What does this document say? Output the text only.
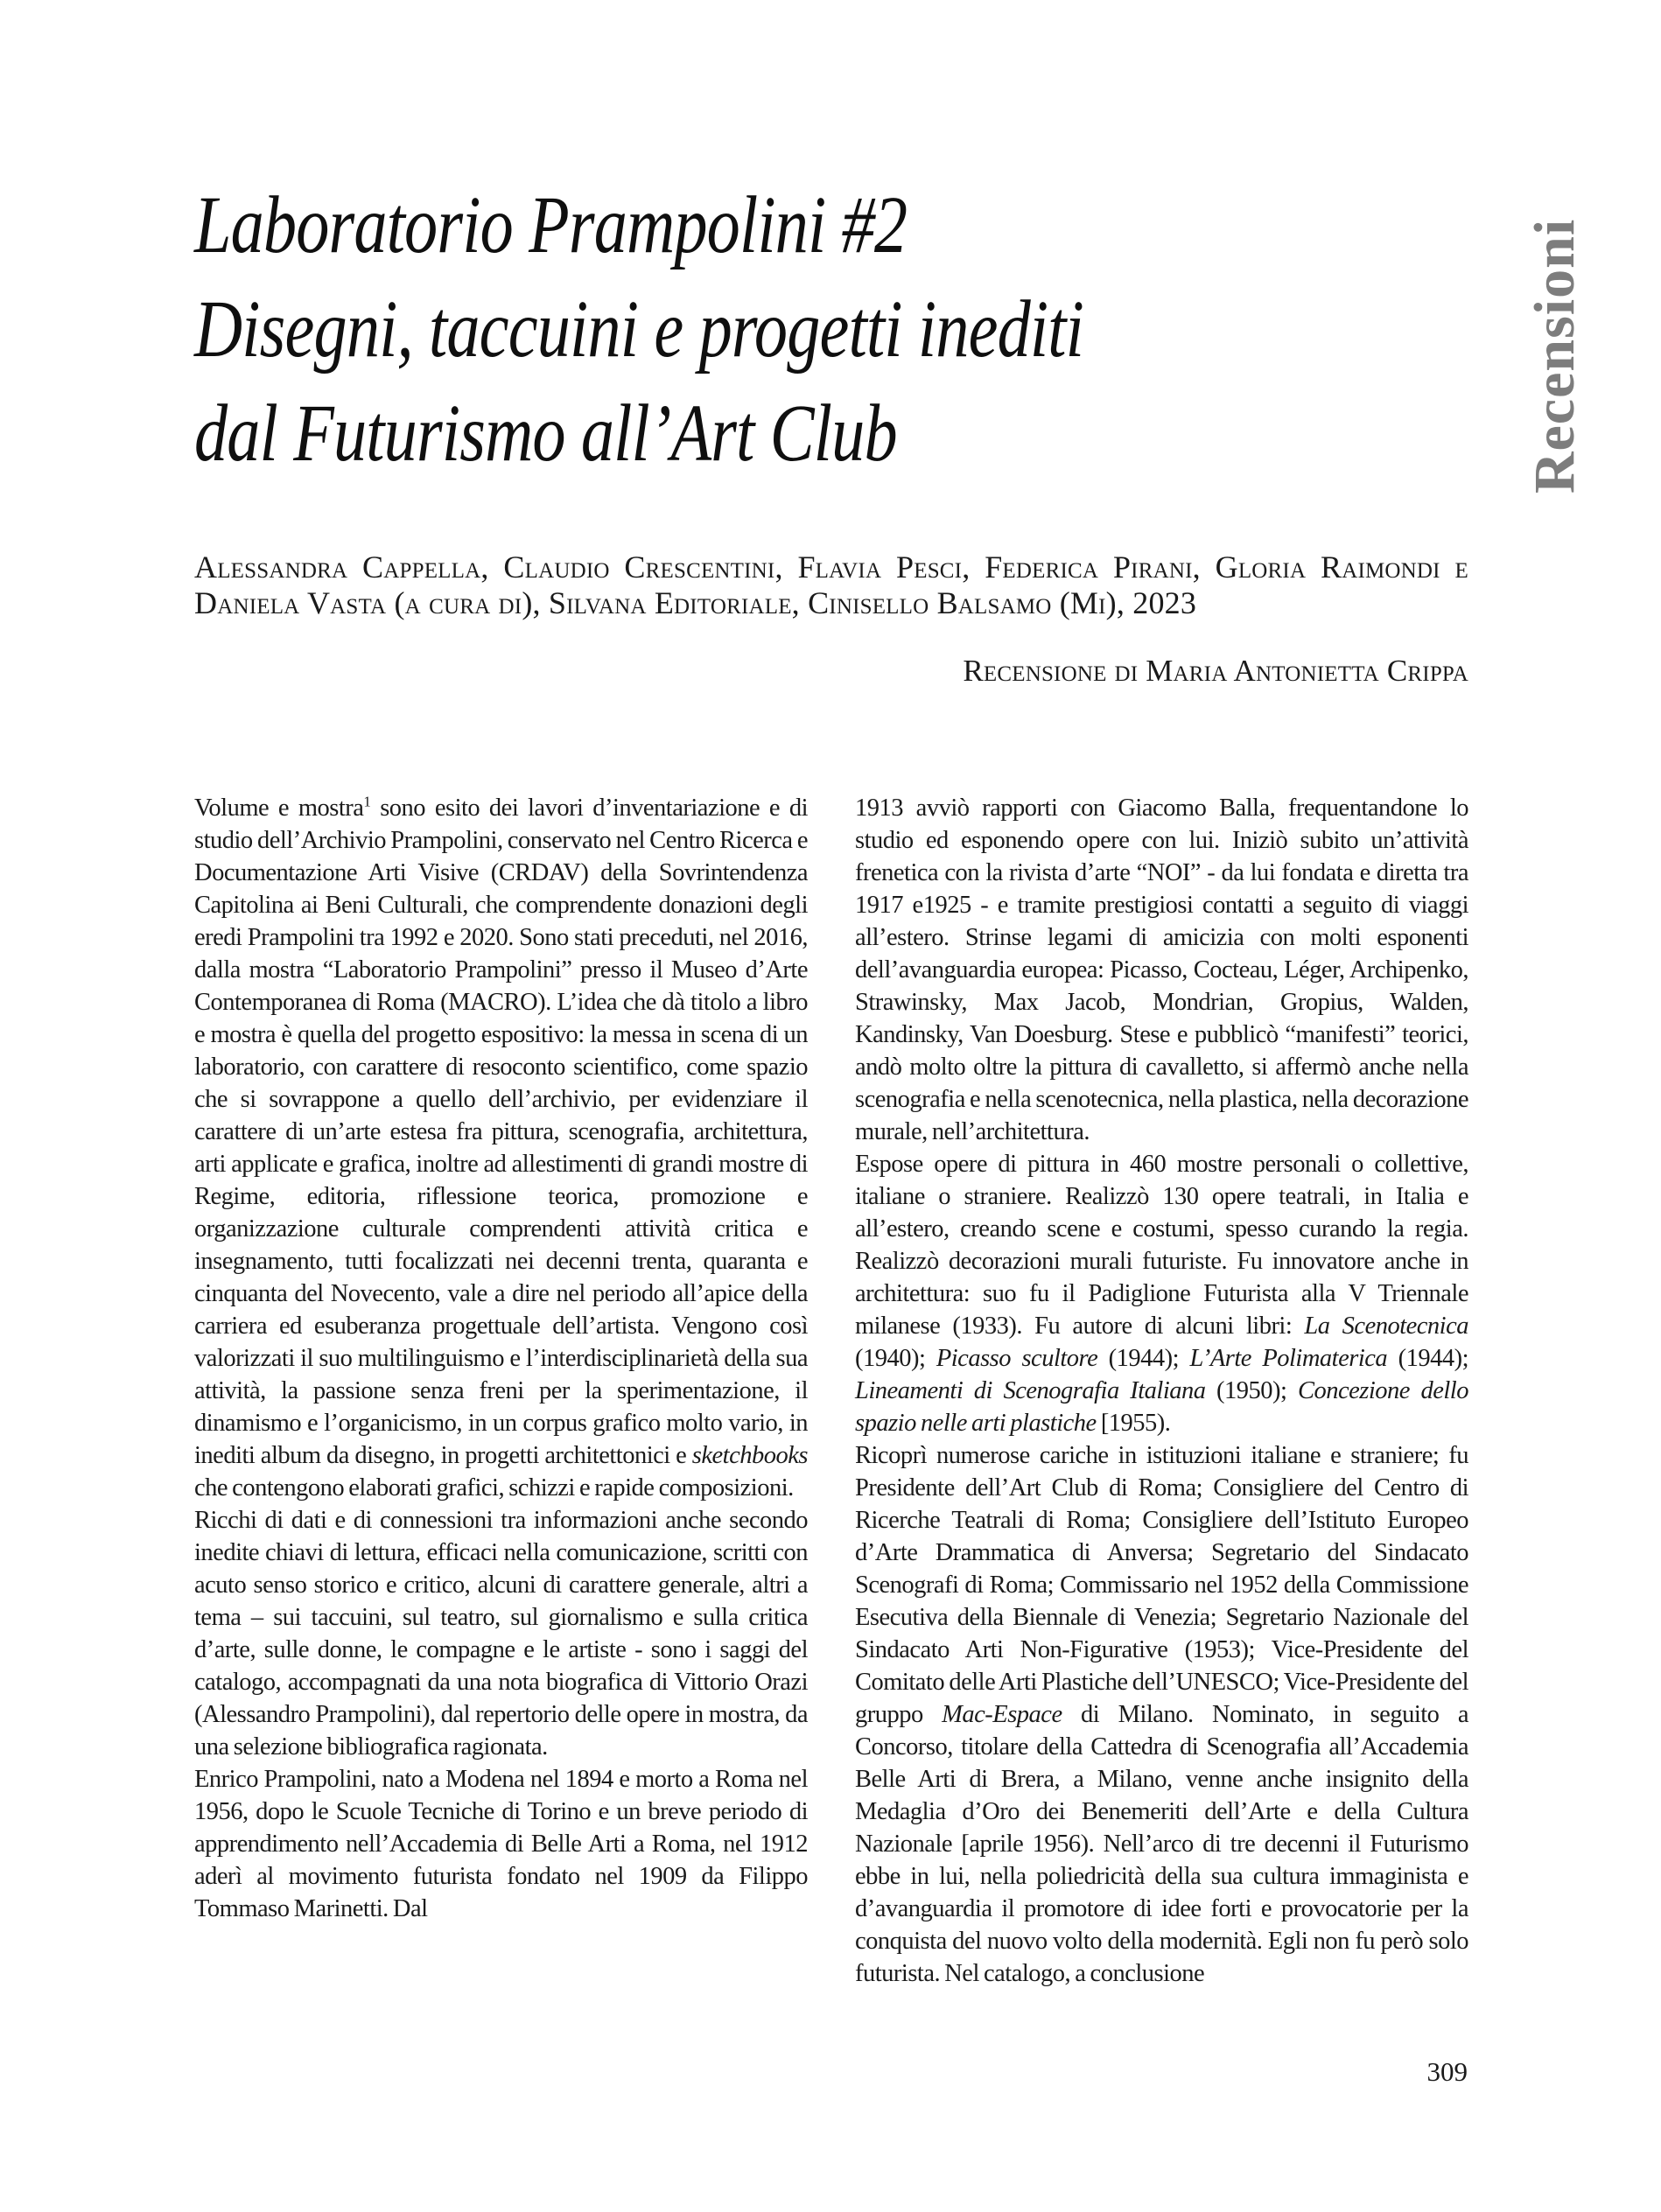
Laboratorio Prampolini #2
Disegni, taccuini e progetti inediti
dal Futurismo all’Art Club	Recensioni
Alessandra Cappella, Claudio Crescentini, Flavia Pesci, Federica Pirani, Gloria Raimondi e Daniela Vasta (a cura di), Silvana Editoriale, Cinisello Balsamo (Mi), 2023
Recensione di Maria Antonietta Crippa

Volume e mostra$^1$ sono esito dei lavori d’inventariazione e di studio dell’Archivio Prampolini, conservato nel Centro Ricerca e Documentazione Arti Visive (CRDAV) della Sovrintendenza Capitolina ai Beni Culturali, che comprendente donazioni degli eredi Prampolini tra 1992 e 2020. Sono stati preceduti, nel 2016, dalla mostra “Laboratorio Prampolini” presso il Museo d’Arte Contemporanea di Roma (MACRO). L’idea che dà titolo a libro e mostra è quella del progetto espositivo: la messa in scena di un laboratorio, con carattere di resoconto scientifico, come spazio che si sovrappone a quello dell’archivio, per evidenziare il carattere di un’arte estesa fra pittura, scenografia, architettura, arti applicate e grafica, inoltre ad allestimenti di grandi mostre di Regime, editoria, riflessione teorica, promozione e organizzazione culturale comprendenti attività critica e insegnamento, tutti focalizzati nei decenni trenta, quaranta e cinquanta del Novecento, vale a dire nel periodo all’apice della carriera ed esuberanza progettuale dell’artista. Vengono così valorizzati il suo multilinguismo e l’interdisciplinarietà della sua attività, la passione senza freni per la sperimentazione, il dinamismo e l’organicismo, in un corpus grafico molto vario, in inediti album da disegno, in progetti architettonici e sketchbooks che contengono elaborati grafici, schizzi e rapide composizioni.

Ricchi di dati e di connessioni tra informazioni anche secondo inedite chiavi di lettura, efficaci nella comunicazione, scritti con acuto senso storico e critico, alcuni di carattere generale, altri a tema – sui taccuini, sul teatro, sul giornalismo e sulla critica d’arte, sulle donne, le compagne e le artiste - sono i saggi del catalogo, accompagnati da una nota biografica di Vittorio Orazi (Alessandro Prampolini), dal repertorio delle opere in mostra, da una selezione bibliografica ragionata.

Enrico Prampolini, nato a Modena nel 1894 e morto a Roma nel 1956, dopo le Scuole Tecniche di Torino e un breve periodo di apprendimento nell’Accademia di Belle Arti a Roma, nel 1912 aderì al movimento futurista fondato nel 1909 da Filippo Tommaso Marinetti. Dal

1913 avviò rapporti con Giacomo Balla, frequentandone lo studio ed esponendo opere con lui. Iniziò subito un’attività frenetica con la rivista d’arte “NOI” - da lui fondata e diretta tra 1917 e1925 - e tramite prestigiosi contatti a seguito di viaggi all’estero. Strinse legami di amicizia con molti esponenti dell’avanguardia europea: Picasso, Cocteau, Léger, Archipenko, Strawinsky, Max Jacob, Mondrian, Gropius, Walden, Kandinsky, Van Doesburg. Stese e pubblicò “manifesti” teorici, andò molto oltre la pittura di cavalletto, si affermò anche nella scenografia e nella scenotecnica, nella plastica, nella decorazione murale, nell’architettura.

Espose opere di pittura in 460 mostre personali o collettive, italiane o straniere. Realizzò 130 opere teatrali, in Italia e all’estero, creando scene e costumi, spesso curando la regia. Realizzò decorazioni murali futuriste. Fu innovatore anche in architettura: suo fu il Padiglione Futurista alla V Triennale milanese (1933). Fu autore di alcuni libri: La Scenotecnica (1940); Picasso scultore (1944); L’Arte Polimaterica (1944); Lineamenti di Scenografia Italiana (1950); Concezione dello spazio nelle arti plastiche [1955).

Ricoprì numerose cariche in istituzioni italiane e straniere; fu Presidente dell’Art Club di Roma; Consigliere del Centro di Ricerche Teatrali di Roma; Consigliere dell’Istituto Europeo d’Arte Drammatica di Anversa; Segretario del Sindacato Scenografi di Roma; Commissario nel 1952 della Commissione Esecutiva della Biennale di Venezia; Segretario Nazionale del Sindacato Arti Non-Figurative (1953); Vice-Presidente del Comitato delle Arti Plastiche dell’UNESCO; Vice-Presidente del gruppo Mac-Espace di Milano. Nominato, in seguito a Concorso, titolare della Cattedra di Scenografia all’Accademia Belle Arti di Brera, a Milano, venne anche insignito della Medaglia d’Oro dei Benemeriti dell’Arte e della Cultura Nazionale [aprile 1956). Nell’arco di tre decenni il Futurismo ebbe in lui, nella poliedricità della sua cultura immaginista e d’avanguardia il promotore di idee forti e provocatorie per la conquista del nuovo volto della modernità. Egli non fu però solo futurista. Nel catalogo, a conclusione

309
